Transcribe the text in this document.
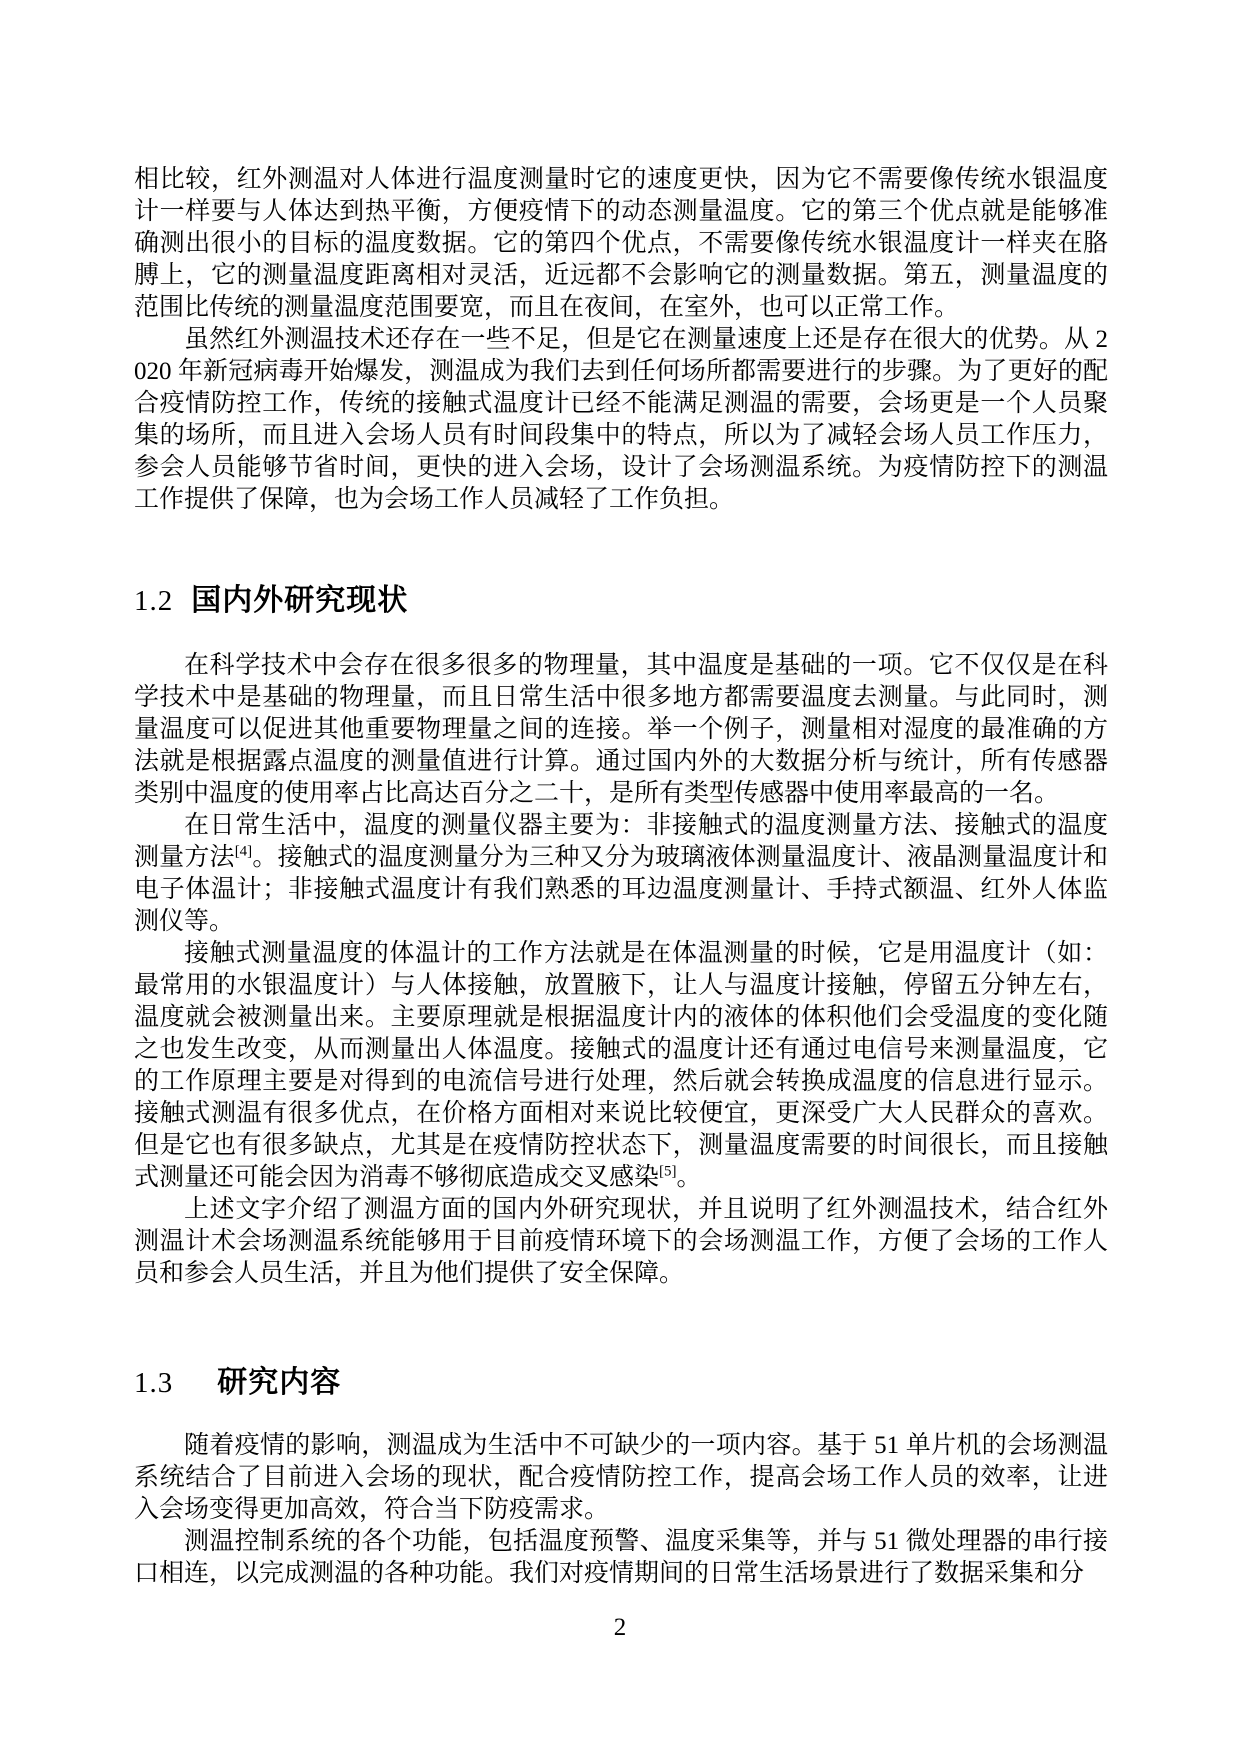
相比较，红外测温对人体进行温度测量时它的速度更快，因为它不需要像传统水银温度计一样要与人体达到热平衡，方便疫情下的动态测量温度。它的第三个优点就是能够准确测出很小的目标的温度数据。它的第四个优点，不需要像传统水银温度计一样夹在胳膊上，它的测量温度距离相对灵活，近远都不会影响它的测量数据。第五，测量温度的范围比传统的测量温度范围要宽，而且在夜间，在室外，也可以正常工作。

虽然红外测温技术还存在一些不足，但是它在测量速度上还是存在很大的优势。从 2020 年新冠病毒开始爆发，测温成为我们去到任何场所都需要进行的步骤。为了更好的配合疫情防控工作，传统的接触式温度计已经不能满足测温的需要，会场更是一个人员聚集的场所，而且进入会场人员有时间段集中的特点，所以为了减轻会场人员工作压力，参会人员能够节省时间，更快的进入会场，设计了会场测温系统。为疫情防控下的测温工作提供了保障，也为会场工作人员减轻了工作负担。

1.2 国内外研究现状

在科学技术中会存在很多很多的物理量，其中温度是基础的一项。它不仅仅是在科学技术中是基础的物理量，而且日常生活中很多地方都需要温度去测量。与此同时，测量温度可以促进其他重要物理量之间的连接。举一个例子，测量相对湿度的最准确的方法就是根据露点温度的测量值进行计算。通过国内外的大数据分析与统计，所有传感器类别中温度的使用率占比高达百分之二十，是所有类型传感器中使用率最高的一名。

在日常生活中，温度的测量仪器主要为：非接触式的温度测量方法、接触式的温度测量方法[4]。接触式的温度测量分为三种又分为玻璃液体测量温度计、液晶测量温度计和电子体温计；非接触式温度计有我们熟悉的耳边温度测量计、手持式额温、红外人体监测仪等。

接触式测量温度的体温计的工作方法就是在体温测量的时候，它是用温度计（如：最常用的水银温度计）与人体接触，放置腋下，让人与温度计接触，停留五分钟左右，温度就会被测量出来。主要原理就是根据温度计内的液体的体积他们会受温度的变化随之也发生改变，从而测量出人体温度。接触式的温度计还有通过电信号来测量温度，它的工作原理主要是对得到的电流信号进行处理，然后就会转换成温度的信息进行显示。接触式测温有很多优点，在价格方面相对来说比较便宜，更深受广大人民群众的喜欢。但是它也有很多缺点，尤其是在疫情防控状态下，测量温度需要的时间很长，而且接触式测量还可能会因为消毒不够彻底造成交叉感染[5]。

上述文字介绍了测温方面的国内外研究现状，并且说明了红外测温技术，结合红外测温计术会场测温系统能够用于目前疫情环境下的会场测温工作，方便了会场的工作人员和参会人员生活，并且为他们提供了安全保障。

1.3 研究内容

随着疫情的影响，测温成为生活中不可缺少的一项内容。基于 51 单片机的会场测温系统结合了目前进入会场的现状，配合疫情防控工作，提高会场工作人员的效率，让进入会场变得更加高效，符合当下防疫需求。

测温控制系统的各个功能，包括温度预警、温度采集等，并与 51 微处理器的串行接口相连，以完成测温的各种功能。我们对疫情期间的日常生活场景进行了数据采集和分

2
